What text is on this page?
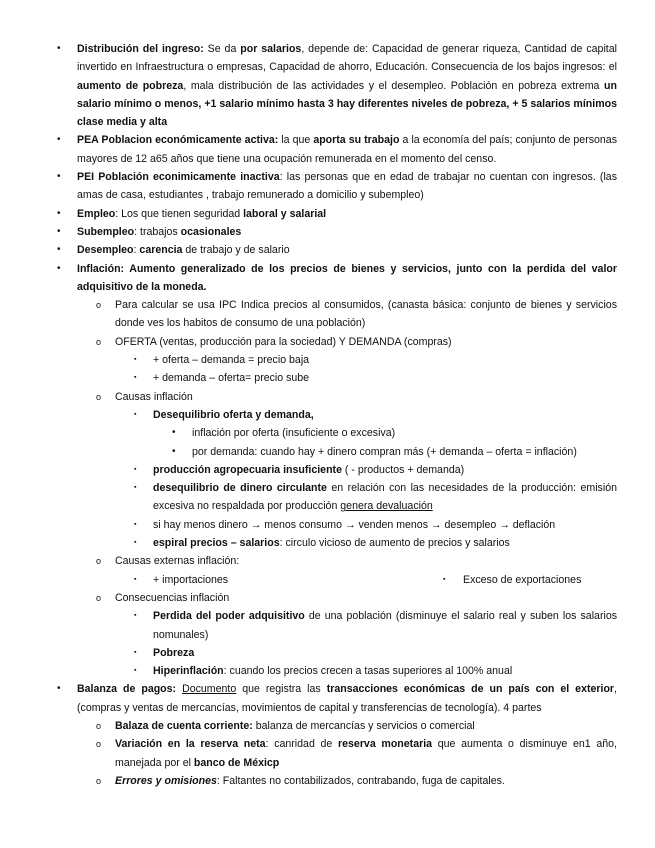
• Distribución del ingreso: Se da por salarios, depende de: Capacidad de generar riqueza, Cantidad de capital invertido en Infraestructura o empresas, Capacidad de ahorro, Educación. Consecuencia de los bajos ingresos: el aumento de pobreza, mala distribución de las actividades y el desempleo. Población en pobreza extrema un salario mínimo o menos, +1 salario mínimo hasta 3 hay diferentes niveles de pobreza, + 5 salarios mínimos clase media y alta
• PEA Poblacion económicamente activa: la que aporta su trabajo a la economía del país; conjunto de personas mayores de 12 a65 años que tiene una ocupación remunerada en el momento del censo.
• PEI Población econimicamente inactiva: las personas que en edad de trabajar no cuentan con ingresos. (las amas de casa, estudiantes , trabajo remunerado a domicilio y subempleo)
• Empleo: Los que tienen seguridad laboral y salarial
• Subempleo: trabajos ocasionales
• Desempleo: carencia de trabajo y de salario
• Inflación: Aumento generalizado de los precios de bienes y servicios, junto con la perdida del valor adquisitivo de la moneda.
o Para calcular se usa IPC Indica precios al consumidos, (canasta básica: conjunto de bienes y servicios donde ves los habitos de consumo de una población)
o OFERTA (ventas, producción para la sociedad) Y DEMANDA (compras)
▪ + oferta – demanda = precio baja
▪ + demanda – oferta= precio sube
o Causas inflación
▪ Desequilibrio oferta y demanda,
• inflación por oferta (insuficiente o excesiva)
• por demanda: cuando hay + dinero compran más (+ demanda – oferta = inflación)
▪ producción agropecuaria insuficiente ( - productos + demanda)
▪ desequilibrio de dinero circulante en relación con las necesidades de la producción: emisión excesiva no respaldada por producción genera devaluación
▪ si hay menos dinero → menos consumo → venden menos → desempleo → deflación
▪ espiral precios – salarios: circulo vicioso de aumento de precios y salarios
o Causas externas inflación:
▪ + importaciones	▪ Exceso de exportaciones
o Consecuencias inflación
▪ Perdida del poder adquisitivo de una población (disminuye el salario real y suben los salarios nomunales)
▪ Pobreza
▪ Hiperinflación: cuando los precios crecen a tasas superiores al 100% anual
• Balanza de pagos: Documento que registra las transacciones económicas de un país con el exterior, (compras y ventas de mercancías, movimientos de capital y transferencias de tecnología). 4 partes
o Balaza de cuenta corriente: balanza de mercancías y servicios o comercial
o Variación en la reserva neta: canridad de reserva monetaria que aumenta o disminuye en1 año, manejada por el banco de Méxicp
o Errores y omisiones: Faltantes no contabilizados, contrabando, fuga de capitales.
